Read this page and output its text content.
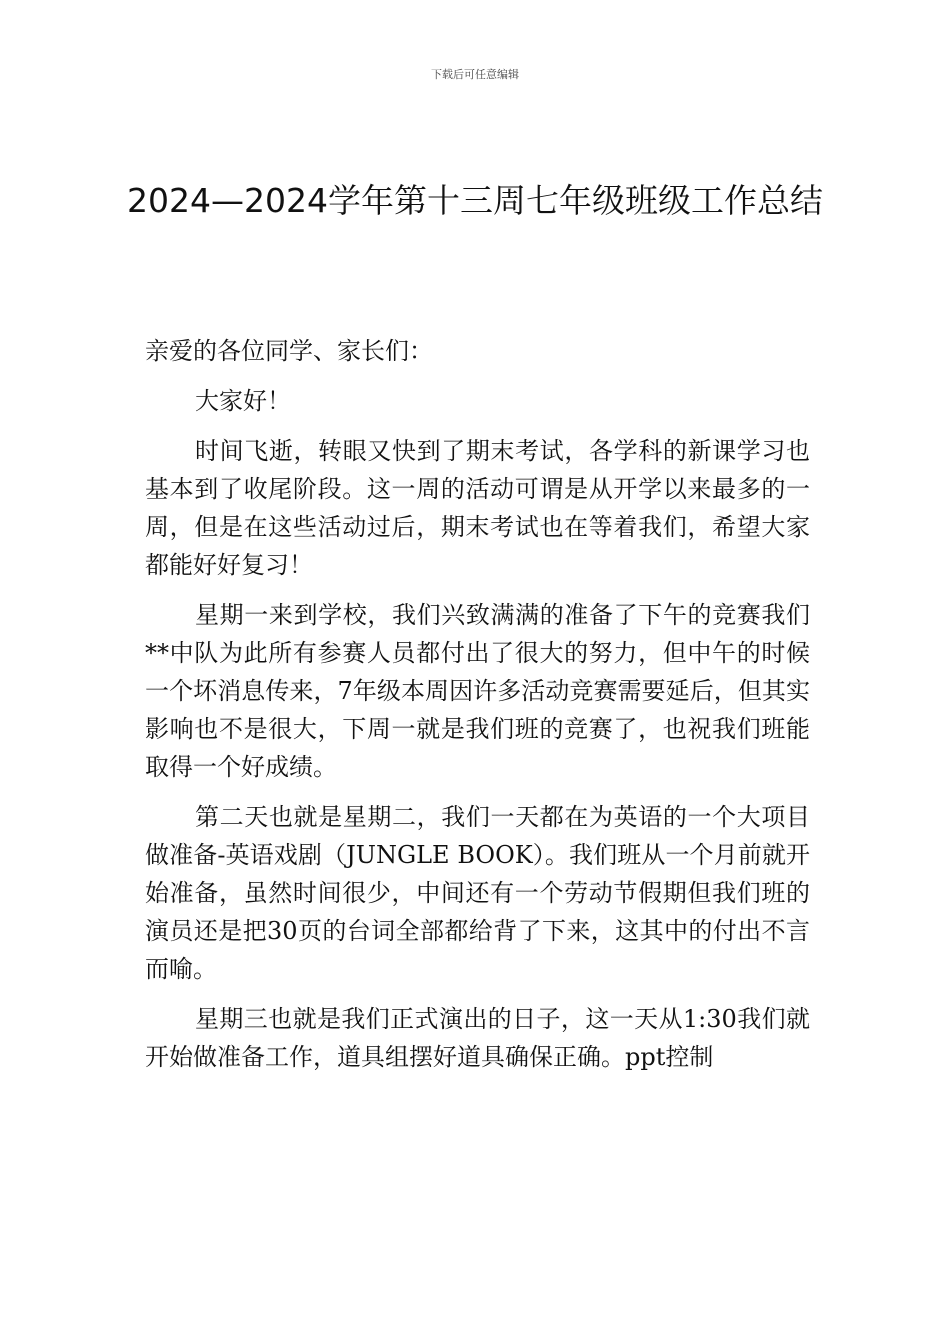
下载后可任意编辑
2024—2024学年第十三周七年级班级工作总结

亲爱的各位同学、家长们：

大家好！

时间飞逝，转眼又快到了期末考试，各学科的新课学习也基本到了收尾阶段。这一周的活动可谓是从开学以来最多的一周，但是在这些活动过后，期末考试也在等着我们，希望大家都能好好复习！

星期一来到学校，我们兴致满满的准备了下午的竞赛我们**中队为此所有参赛人员都付出了很大的努力，但中午的时候一个坏消息传来，7年级本周因许多活动竞赛需要延后，但其实影响也不是很大，下周一就是我们班的竞赛了，也祝我们班能取得一个好成绩。

第二天也就是星期二，我们一天都在为英语的一个大项目做准备-英语戏剧（JUNGLE BOOK）。我们班从一个月前就开始准备，虽然时间很少，中间还有一个劳动节假期但我们班的演员还是把30页的台词全部都给背了下来，这其中的付出不言而喻。

星期三也就是我们正式演出的日子，这一天从1:30我们就开始做准备工作，道具组摆好道具确保正确。ppt控制
